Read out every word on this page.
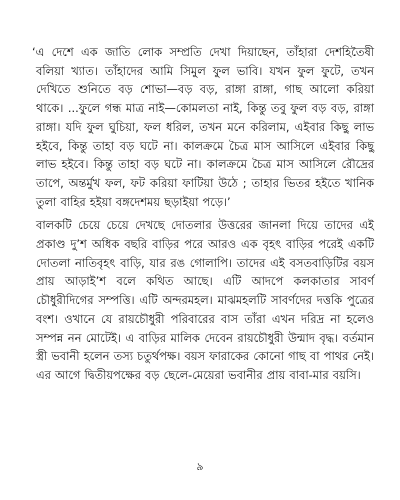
‘এ দেশে এক জাতি লোক সম্প্রতি দেখা দিয়াছেন, তাঁহারা দেশহিতৈষী বলিয়া খ্যাত। তাঁহাদের আমি সিমুল ফুল ভাবি। যখন ফুল ফুটে, তখন দেখিতে শুনিতে বড় শোভা—বড় বড়, রাঙ্গা রাঙ্গা, গাছ আলো করিয়া থাকে। ...ফুলে গন্ধ মাত্র নাই—কোমলতা নাই, কিন্তু তবু ফুল বড় বড়, রাঙ্গা রাঙ্গা। যদি ফুল ঘুচিয়া, ফল ধরিল, তখন মনে করিলাম, এইবার কিছু লাভ হইবে, কিন্তু তাহা বড় ঘটে না। কালক্রমে চৈত্র মাস আসিলে এইবার কিছু লাভ হইবে। কিন্তু তাহা বড় ঘটে না। কালক্রমে চৈত্র মাস আসিলে রৌদ্রের তাপে, অন্তর্মুখ ফল, ফট করিয়া ফাটিয়া উঠে ; তাহার ভিতর হইতে খানিক তুলা বাহির হইয়া বঙ্গদেশময় ছড়াইয়া পড়ে।’

বালকটি চেয়ে চেয়ে দেখছে দোতলার উত্তরের জানলা দিয়ে তাদের এই প্রকাণ্ড দু’শ অধিক বছরি বাড়ির পরে আরও এক বৃহৎ বাড়ির পরেই একটি দোতলা নাতিবৃহৎ বাড়ি, যার রঙ গোলাপি। তাদের এই বসতবাড়িটির বয়স প্রায় আড়াই’শ বলে কথিত আছে। এটি আদপে কলকাতার সাবর্ণ চৌধুরীদিগের সম্পত্তি। এটি অন্দরমহল। মাঝমহলটি সাবর্ণদের দত্তকি পুত্রের বংশ। ওখানে যে রায়চৌধুরী পরিবারের বাস তাঁরা এখন দরিদ্র না হলেও সম্পন্ন নন মোটেই। এ বাড়ির মালিক দেবেন রায়চৌধুরী উন্মাদ বৃদ্ধ। বর্তমান স্ত্রী ভবানী হলেন তস্য চতুর্থপক্ষ। বয়স ফারাকের কোনো গাছ বা পাথর নেই। এর আগে দ্বিতীয়পক্ষের বড় ছেলে-মেয়েরা ভবানীর প্রায় বাবা-মার বয়সি।

৯
